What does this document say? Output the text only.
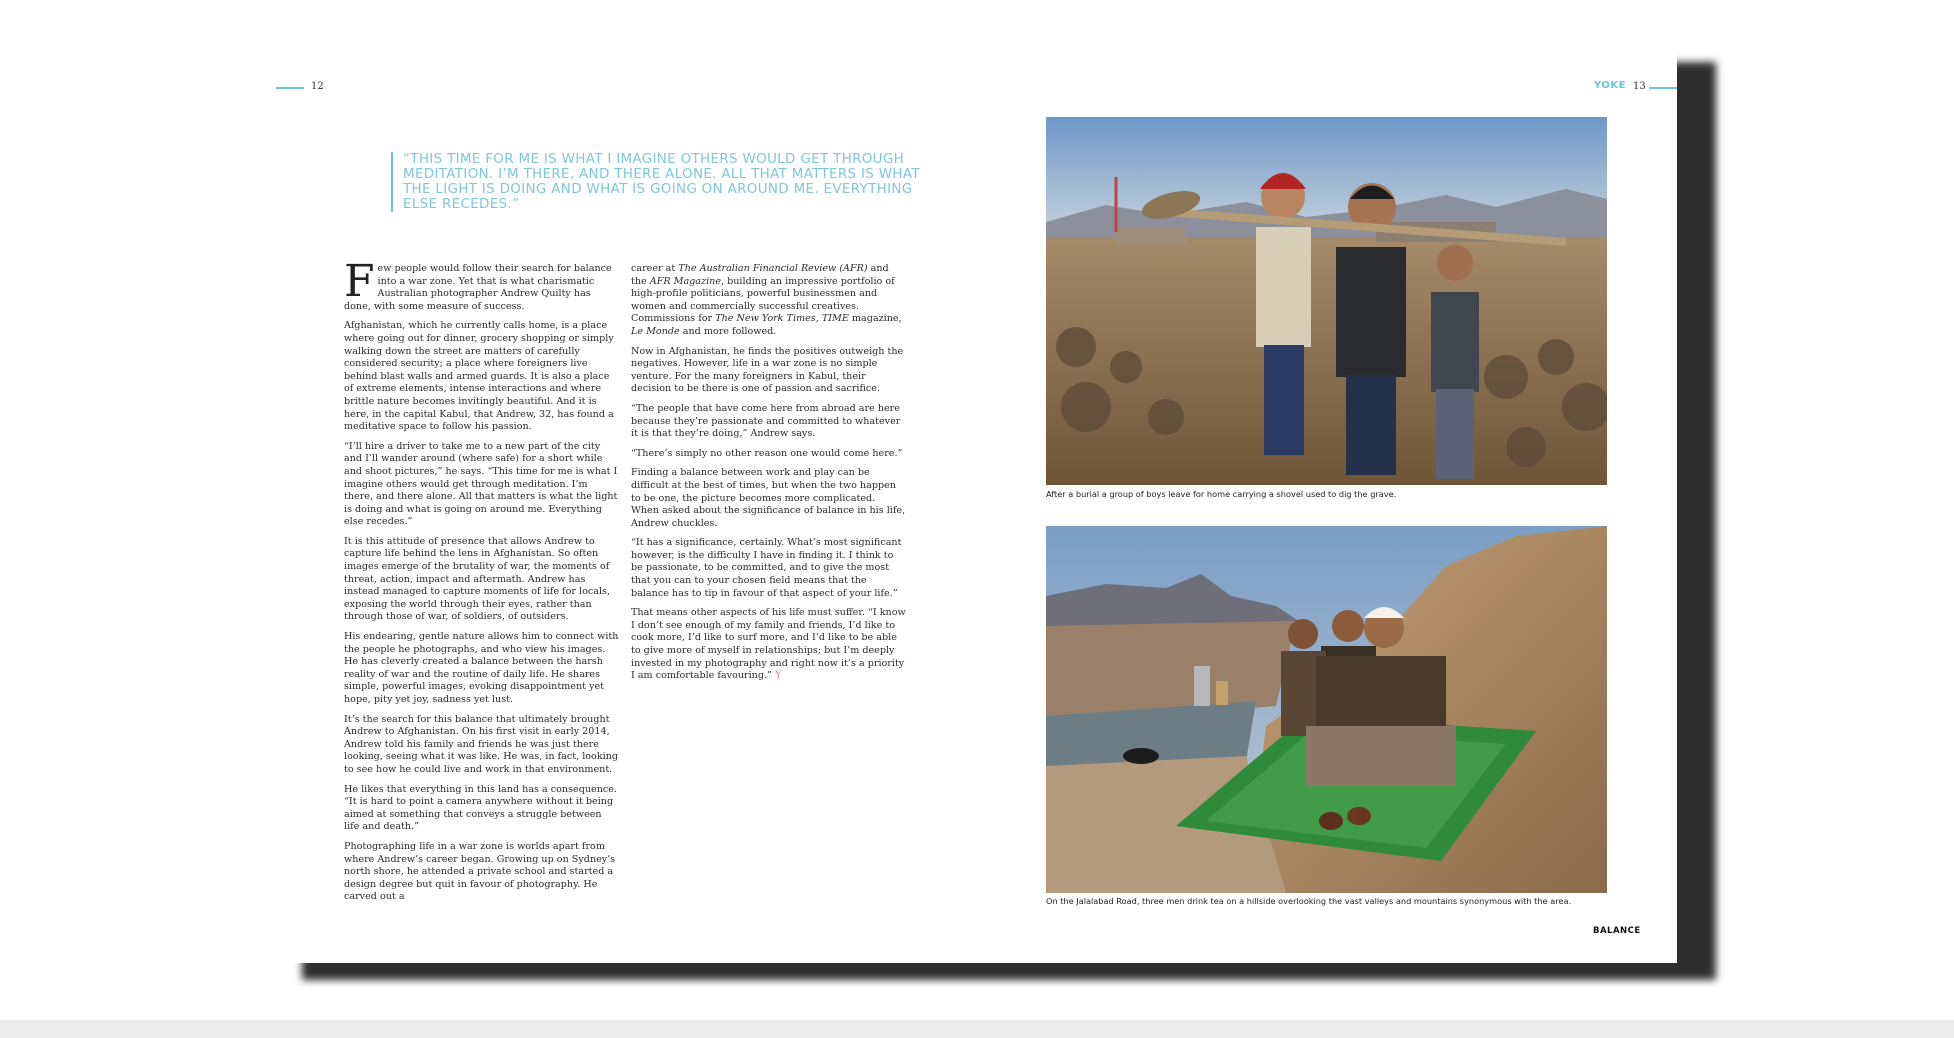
12	YOKE 13
“THIS TIME FOR ME IS WHAT I IMAGINE OTHERS WOULD GET THROUGH MEDITATION. I’M THERE, AND THERE ALONE. ALL THAT MATTERS IS WHAT THE LIGHT IS DOING AND WHAT IS GOING ON AROUND ME. EVERYTHING ELSE RECEDES.”

Few people would follow their search for balance into a war zone. Yet that is what charismatic Australian photographer Andrew Quilty has done, with some measure of success.

Afghanistan, which he currently calls home, is a place where going out for dinner, grocery shopping or simply walking down the street are matters of carefully considered security; a place where foreigners live behind blast walls and armed guards. It is also a place of extreme elements, intense interactions and where brittle nature becomes invitingly beautiful. And it is here, in the capital Kabul, that Andrew, 32, has found a meditative space to follow his passion.

“I’ll hire a driver to take me to a new part of the city and I’ll wander around (where safe) for a short while and shoot pictures,” he says. “This time for me is what I imagine others would get through meditation. I’m there, and there alone. All that matters is what the light is doing and what is going on around me. Everything else recedes.”

It is this attitude of presence that allows Andrew to capture life behind the lens in Afghanistan. So often images emerge of the brutality of war, the moments of threat, action, impact and aftermath. Andrew has instead managed to capture moments of life for locals, exposing the world through their eyes, rather than through those of war, of soldiers, of outsiders.

His endearing, gentle nature allows him to connect with the people he photographs, and who view his images. He has cleverly created a balance between the harsh reality of war and the routine of daily life. He shares simple, powerful images, evoking disappointment yet hope, pity yet joy, sadness yet lust.

It’s the search for this balance that ultimately brought Andrew to Afghanistan. On his first visit in early 2014, Andrew told his family and friends he was just there looking, seeing what it was like. He was, in fact, looking to see how he could live and work in that environment.

He likes that everything in this land has a consequence. “It is hard to point a camera anywhere without it being aimed at something that conveys a struggle between life and death.”

Photographing life in a war zone is worlds apart from where Andrew’s career began. Growing up on Sydney’s north shore, he attended a private school and started a design degree but quit in favour of photography. He carved out a

career at The Australian Financial Review (AFR) and the AFR Magazine, building an impressive portfolio of high-profile politicians, powerful businessmen and women and commercially successful creatives. Commissions for The New York Times, TIME magazine, Le Monde and more followed.

Now in Afghanistan, he finds the positives outweigh the negatives. However, life in a war zone is no simple venture. For the many foreigners in Kabul, their decision to be there is one of passion and sacrifice.

“The people that have come here from abroad are here because they’re passionate and committed to whatever it is that they’re doing,” Andrew says.

“There’s simply no other reason one would come here.”

Finding a balance between work and play can be difficult at the best of times, but when the two happen to be one, the picture becomes more complicated. When asked about the significance of balance in his life, Andrew chuckles.

“It has a significance, certainly. What’s most significant however, is the difficulty I have in finding it. I think to be passionate, to be committed, and to give the most that you can to your chosen field means that the balance has to tip in favour of that aspect of your life.”

That means other aspects of his life must suffer. “I know I don’t see enough of my family and friends, I’d like to cook more, I’d like to surf more, and I’d like to be able to give more of myself in relationships; but I’m deeply invested in my photography and right now it’s a priority I am comfortable favouring.” Y

After a burial a group of boys leave for home carrying a shovel used to dig the grave.
On the Jalalabad Road, three men drink tea on a hillside overlooking the vast valleys and mountains synonymous with the area.
BALANCE
